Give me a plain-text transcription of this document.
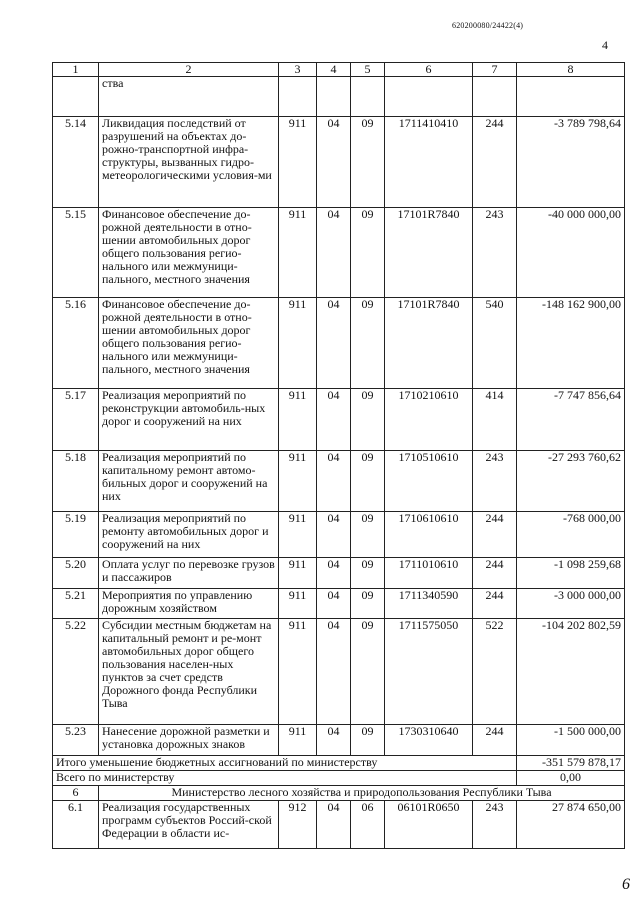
620200080/24422(4)
4
1	2	3	4	5	6	7	8
	ства						
5.14	Ликвидация последствий от разрушений на объектах до-рожно-транспортной инфра-структуры, вызванных гидро-метеорологическими условия-ми	911	04	09	1711410410	244	-3 789 798,64
5.15	Финансовое обеспечение до-рожной деятельности в отно-шении автомобильных дорог общего пользования регио-нального или межмуници-пального, местного значения	911	04	09	17101R7840	243	-40 000 000,00
5.16	Финансовое обеспечение до-рожной деятельности в отно-шении автомобильных дорог общего пользования регио-нального или межмуници-пального, местного значения	911	04	09	17101R7840	540	-148 162 900,00
5.17	Реализация мероприятий по реконструкции автомобиль-ных дорог и сооружений на них	911	04	09	1710210610	414	-7 747 856,64
5.18	Реализация мероприятий по капитальному ремонт автомо-бильных дорог и сооружений на них	911	04	09	1710510610	243	-27 293 760,62
5.19	Реализация мероприятий по ремонту автомобильных дорог и сооружений на них	911	04	09	1710610610	244	-768 000,00
5.20	Оплата услуг по перевозке грузов и пассажиров	911	04	09	1711010610	244	-1 098 259,68
5.21	Мероприятия по управлению дорожным хозяйством	911	04	09	1711340590	244	-3 000 000,00
5.22	Субсидии местным бюджетам на капитальный ремонт и ре-монт автомобильных дорог общего пользования населен-ных пунктов за счет средств Дорожного фонда Республики Тыва	911	04	09	1711575050	522	-104 202 802,59
5.23	Нанесение дорожной разметки и установка дорожных знаков	911	04	09	1730310640	244	-1 500 000,00
Итого уменьшение бюджетных ассигнований по министерству							-351 579 878,17
Всего по министерству							0,00
6	Министерство лесного хозяйства и природопользования Республики Тыва						
6.1	Реализация государственных программ субъектов Россий-ской Федерации в области ис-	912	04	06	06101R0650	243	27 874 650,00
6
